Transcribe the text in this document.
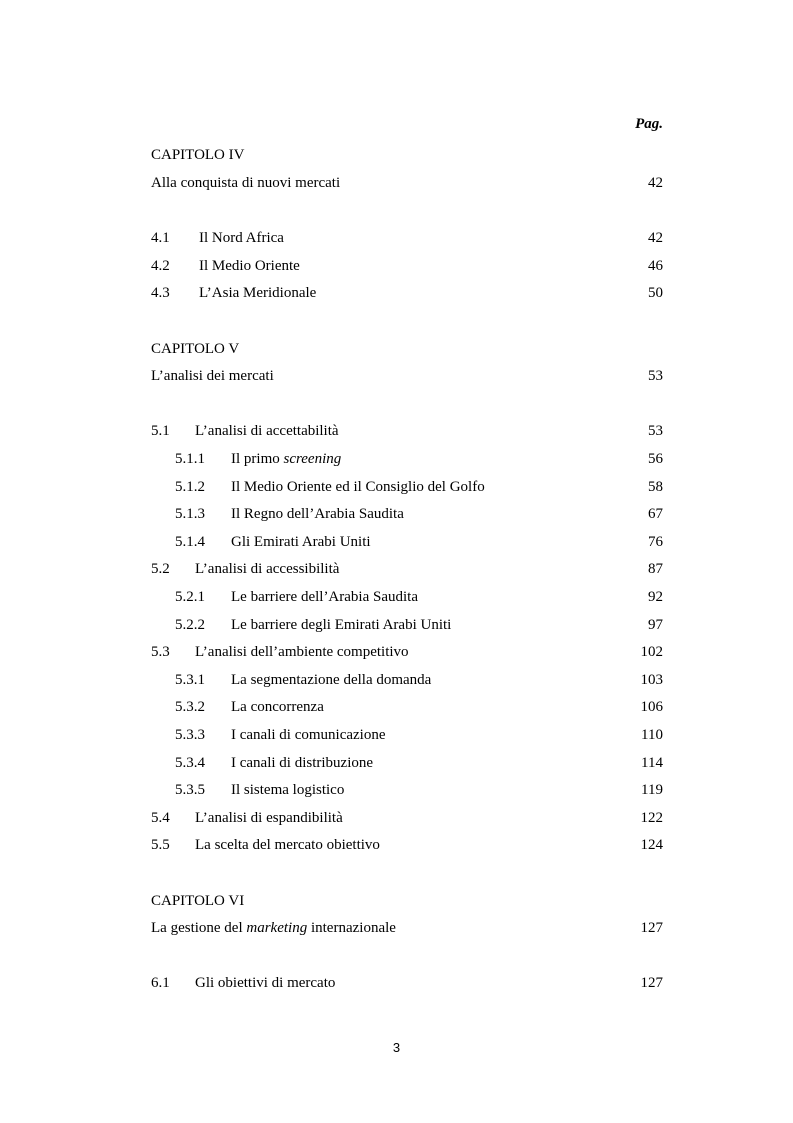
Pag.
CAPITOLO IV
Alla conquista di nuovi mercati	42
4.1 Il Nord Africa	42
4.2 Il Medio Oriente	46
4.3 L’Asia Meridionale	50
CAPITOLO V
L’analisi dei mercati	53
5.1 L’analisi di accettabilità	53
5.1.1 Il primo screening	56
5.1.2 Il Medio Oriente ed il Consiglio del Golfo	58
5.1.3 Il Regno dell’Arabia Saudita	67
5.1.4 Gli Emirati Arabi Uniti	76
5.2 L’analisi di accessibilità	87
5.2.1 Le barriere dell’Arabia Saudita	92
5.2.2 Le barriere degli Emirati Arabi Uniti	97
5.3 L’analisi dell’ambiente competitivo	102
5.3.1 La segmentazione della domanda	103
5.3.2 La concorrenza	106
5.3.3 I canali di comunicazione	110
5.3.4 I canali di distribuzione	114
5.3.5 Il sistema logistico	119
5.4 L’analisi di espandibilità	122
5.5 La scelta del mercato obiettivo	124
CAPITOLO VI
La gestione del marketing internazionale	127
6.1 Gli obiettivi di mercato	127
3
